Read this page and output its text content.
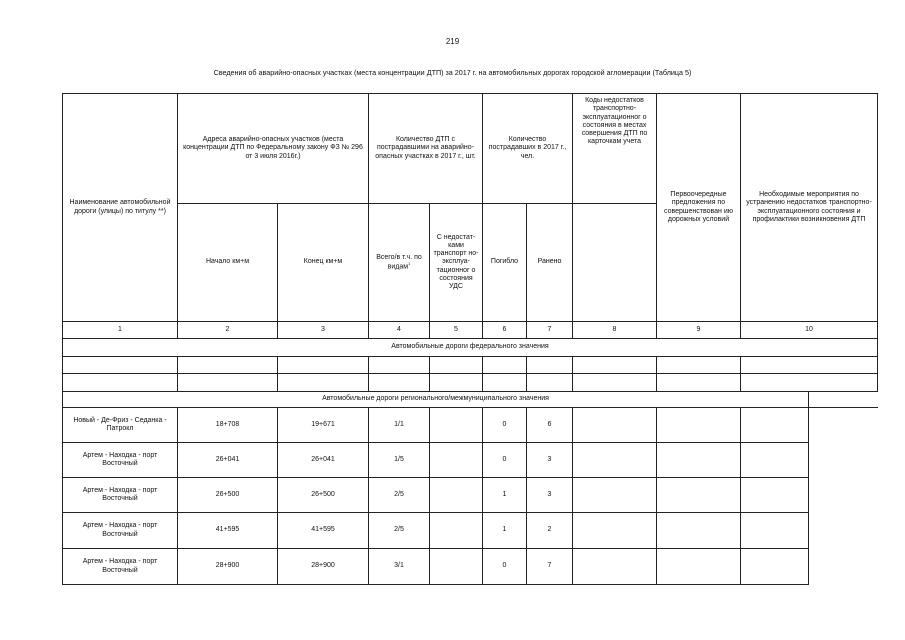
219
Сведения об аварийно-опасных участках (места концентрации ДТП) за 2017 г. на автомобильных дорогах городской агломерации (Таблица 5)
Наименование автомобильной дороги (улицы) по титулу **)	Адреса аварийно-опасных участков (места концентрации ДТП по Федеральному закону ФЗ № 296 от 3 июля 2016г.)		Количество ДТП с пострадавшими на аварийно-опасных участках в 2017 г., шт.		Количество пострадавших в 2017 г., чел.		Коды недостатков транспортно-эксплуатационног о состояния в местах совершения ДТП по карточкам учета	Первоочередные предложения по совершенствован ию дорожных условий	Необходимые мероприятия по устранению недостатков транспортно-эксплуатационного состояния и профилактики возникновения ДТП	
	Начало км+м	Конец км+м	Всего/в т.ч. по видам$^1$	С недостат-ками транспорт но-эксплуа-тационног о состояния УДС	Погибло	Ранено				
1	2	3	4	5	6	7	8	9	10	
Автомобильные дороги федерального значения										

Автомобильные дороги регионального/межмуниципального значения										
Новый - Де-Фриз - Седанка - Патрокл	18+708	19+671	1/1		0	6				
Артем - Находка - порт Восточный	26+041	26+041	1/5		0	3				
Артем - Находка - порт Восточный	26+500	26+500	2/5		1	3				
Артем - Находка - порт Восточный	41+595	41+595	2/5		1	2				
Артем - Находка - порт Восточный	28+900	28+900	3/1		0	7				
